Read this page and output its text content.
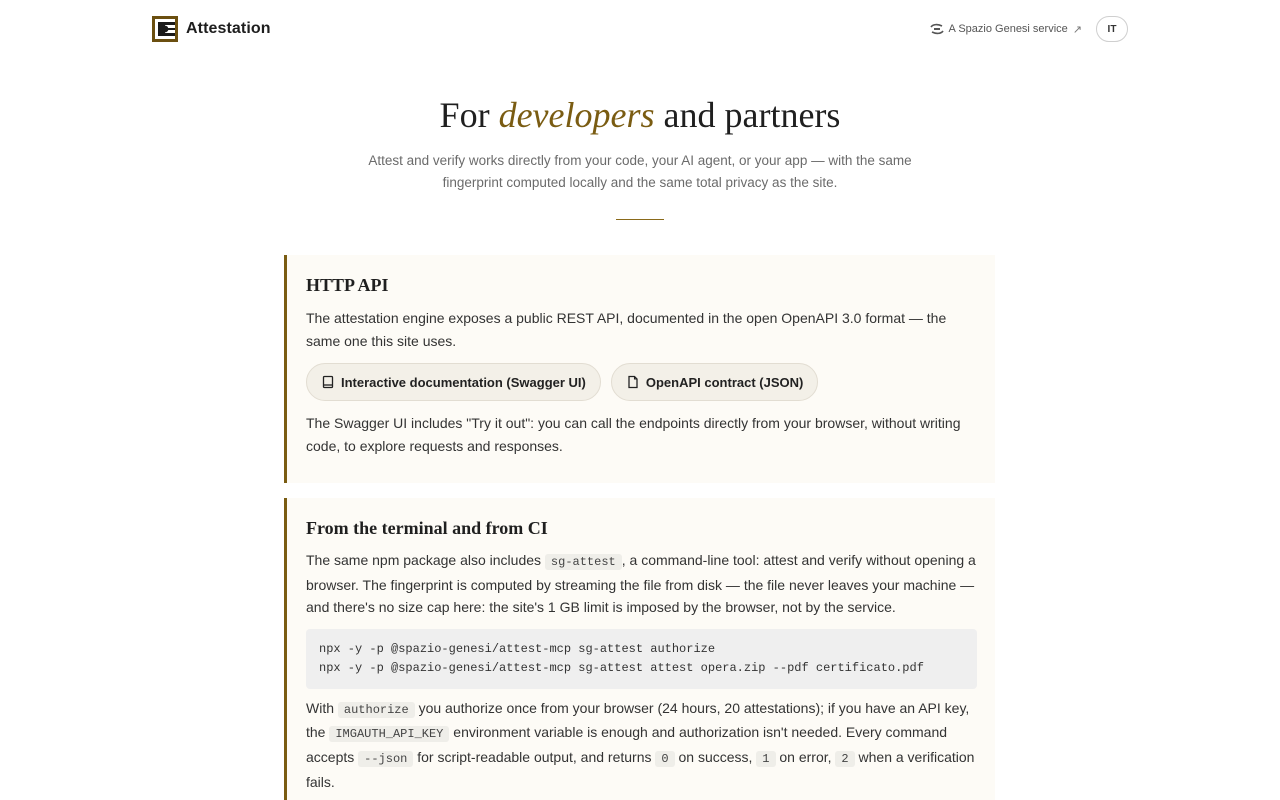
Attestation	A Spazio Genesi service ↗	IT
For developers and partners

Attest and verify works directly from your code, your AI agent, or your app — with the same fingerprint computed locally and the same total privacy as the site.

HTTP API

The attestation engine exposes a public REST API, documented in the open OpenAPI 3.0 format — the same one this site uses.

Interactive documentation (Swagger UI)	OpenAPI contract (JSON)

The Swagger UI includes "Try it out": you can call the endpoints directly from your browser, without writing code, to explore requests and responses.

From the terminal and from CI

The same npm package also includes sg-attest , a command-line tool: attest and verify without opening a browser. The fingerprint is computed by streaming the file from disk — the file never leaves your machine — and there's no size cap here: the site's 1 GB limit is imposed by the browser, not by the service.

npx -y -p @spazio-genesi/attest-mcp sg-attest authorize
npx -y -p @spazio-genesi/attest-mcp sg-attest attest opera.zip --pdf certificato.pdf

With authorize you authorize once from your browser (24 hours, 20 attestations); if you have an API key, the IMGAUTH_API_KEY environment variable is enough and authorization isn't needed. Every command accepts --json for script-readable output, and returns 0 on success, 1 on error, 2 when a verification fails.
